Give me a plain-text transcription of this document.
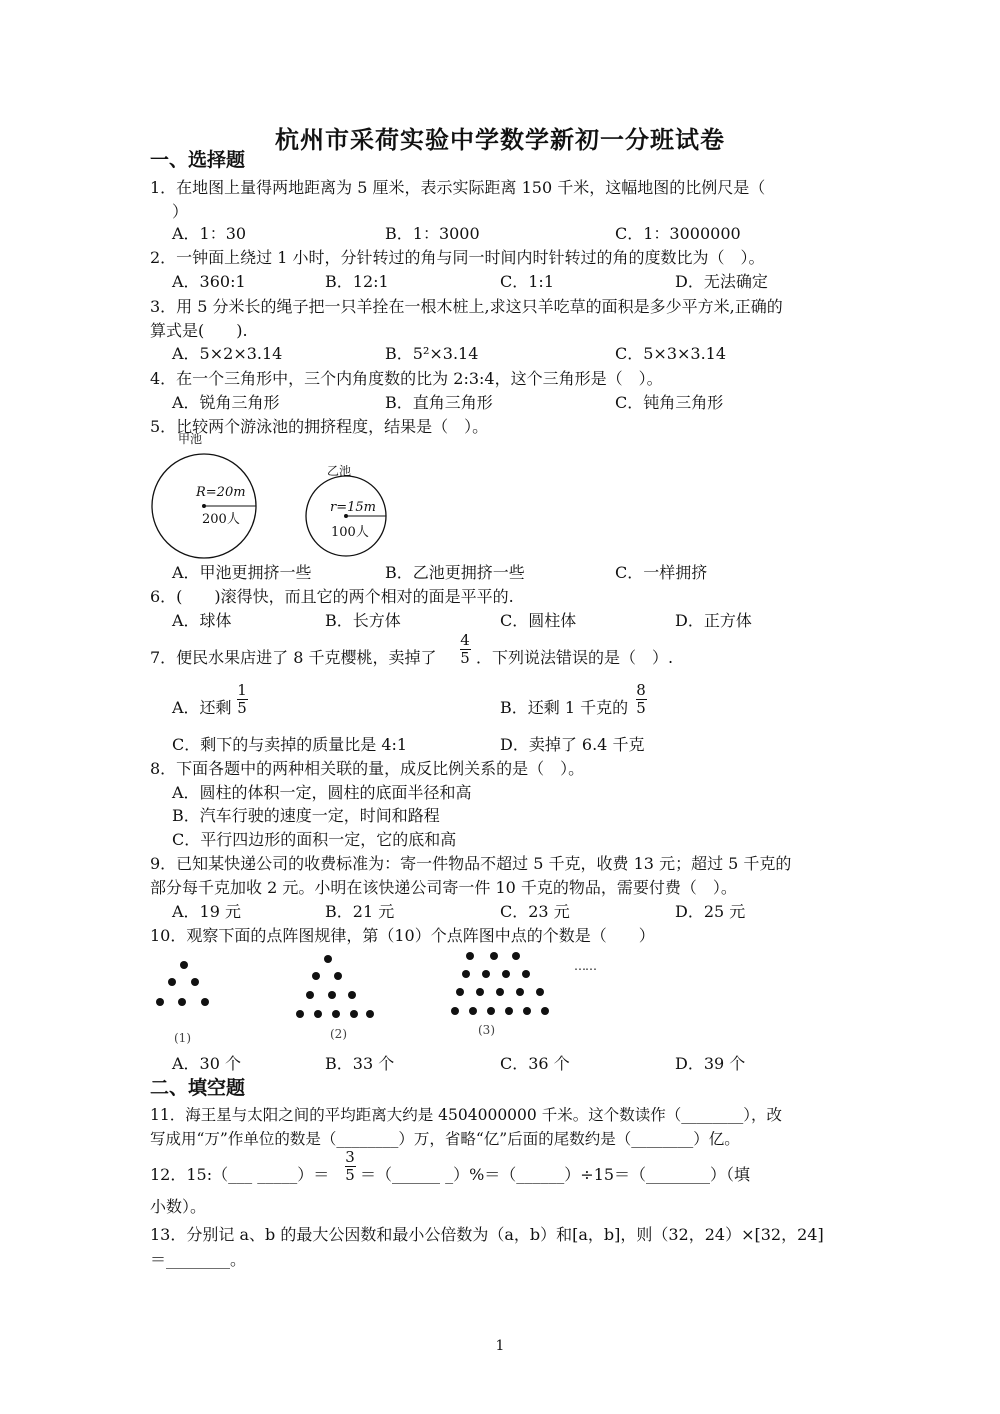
杭州市采荷实验中学数学新初一分班试卷
一、选择题
1．在地图上量得两地距离为 5 厘米，表示实际距离 150 千米，这幅地图的比例尺是（
）
A．1：30	B．1：3000	C．1：3000000
2．一钟面上绕过 1 小时，分针转过的角与同一时间内时针转过的角的度数比为（　）。
A．360:1	B．12:1	C．1:1	D．无法确定
3．用 5 分米长的绳子把一只羊拴在一根木桩上,求这只羊吃草的面积是多少平方米,正确的
算式是(　　).
A．5×2×3.14	B．5²×3.14	C．5×3×3.14
4．在一个三角形中，三个内角度数的比为 2:3:4，这个三角形是（　）。
A．锐角三角形	B．直角三角形	C．钝角三角形
5．比较两个游泳池的拥挤程度，结果是（　）。
甲池
R=20m
200人
乙池
r=15m
100人
A．甲池更拥挤一些	B．乙池更拥挤一些	C．一样拥挤
6．(　　)滚得快，而且它的两个相对的面是平平的.
A．球体	B．长方体	C．圆柱体	D．正方体
7．便民水果店进了 8 千克樱桃，卖掉了
4
5 ．下列说法错误的是（　）.
A．还剩
1
5	B．还剩 1 千克的
8
5
C．剩下的与卖掉的质量比是 4:1	D．卖掉了 6.4 千克
8．下面各题中的两种相关联的量，成反比例关系的是（　）。
A．圆柱的体积一定，圆柱的底面半径和高
B．汽车行驶的速度一定，时间和路程
C．平行四边形的面积一定，它的底和高
9．已知某快递公司的收费标准为：寄一件物品不超过 5 千克，收费 13 元；超过 5 千克的
部分每千克加收 2 元。小明在该快递公司寄一件 10 千克的物品，需要付费（　）。
A．19 元	B．21 元	C．23 元	D．25 元
10．观察下面的点阵图规律，第（10）个点阵图中点的个数是（　　）
(1)	(2)	(3)
……
A．30 个	B．33 个	C．36 个	D．39 个
二、填空题
11．海王星与太阳之间的平均距离大约是 4504000000 千米。这个数读作（________），改
写成用“万”作单位的数是（________）万，省略“亿”后面的尾数约是（________）亿。
12．15:（___ _____）＝
3
5 ＝（______ _）%＝（______）÷15＝（________）（填
小数）。
13．分别记 a、b 的最大公因数和最小公倍数为（a，b）和[a，b]，则（32，24）×[32，24]
＝________。
1
